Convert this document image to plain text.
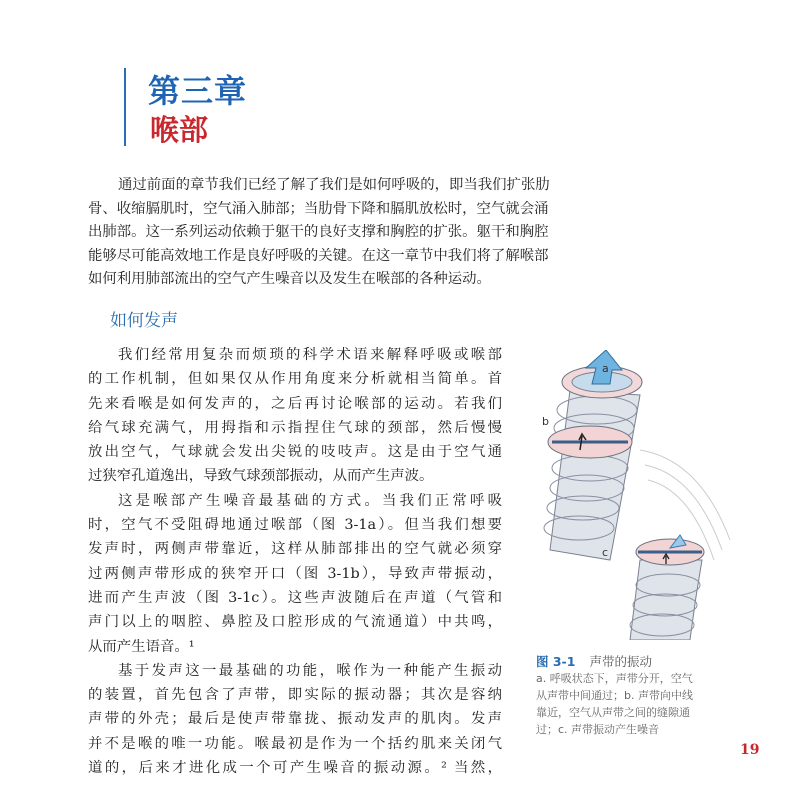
第三章
喉部
通过前面的章节我们已经了解了我们是如何呼吸的，即当我们扩张肋
骨、收缩膈肌时，空气涌入肺部；当肋骨下降和膈肌放松时，空气就会涌
出肺部。这一系列运动依赖于躯干的良好支撑和胸腔的扩张。躯干和胸腔
能够尽可能高效地工作是良好呼吸的关键。在这一章节中我们将了解喉部
如何利用肺部流出的空气产生噪音以及发生在喉部的各种运动。
如何发声
我们经常用复杂而烦琐的科学术语来解释呼吸或喉部
的工作机制，但如果仅从作用角度来分析就相当简单。首
先来看喉是如何发声的，之后再讨论喉部的运动。若我们
给气球充满气，用拇指和示指捏住气球的颈部，然后慢慢
放出空气，气球就会发出尖锐的吱吱声。这是由于空气通
过狭窄孔道逸出，导致气球颈部振动，从而产生声波。
这是喉部产生噪音最基础的方式。当我们正常呼吸
时，空气不受阻碍地通过喉部（图 3-1a）。但当我们想要
发声时，两侧声带靠近，这样从肺部排出的空气就必须穿
过两侧声带形成的狭窄开口（图 3-1b），导致声带振动，
进而产生声波（图 3-1c）。这些声波随后在声道（气管和
声门以上的咽腔、鼻腔及口腔形成的气流通道）中共鸣，
从而产生语音。¹
基于发声这一最基础的功能，喉作为一种能产生振动
的装置，首先包含了声带，即实际的振动器；其次是容纳
声带的外壳；最后是使声带靠拢、振动发声的肌肉。发声
并不是喉的唯一功能。喉最初是作为一个括约肌来关闭气
道的，后来才进化成一个可产生噪音的振动源。² 当然，
a
b
c
图 3-1 声带的振动
a. 呼吸状态下，声带分开，空气
从声带中间通过；b. 声带向中线
靠近，空气从声带之间的缝隙通
过；c. 声带振动产生噪音
19
